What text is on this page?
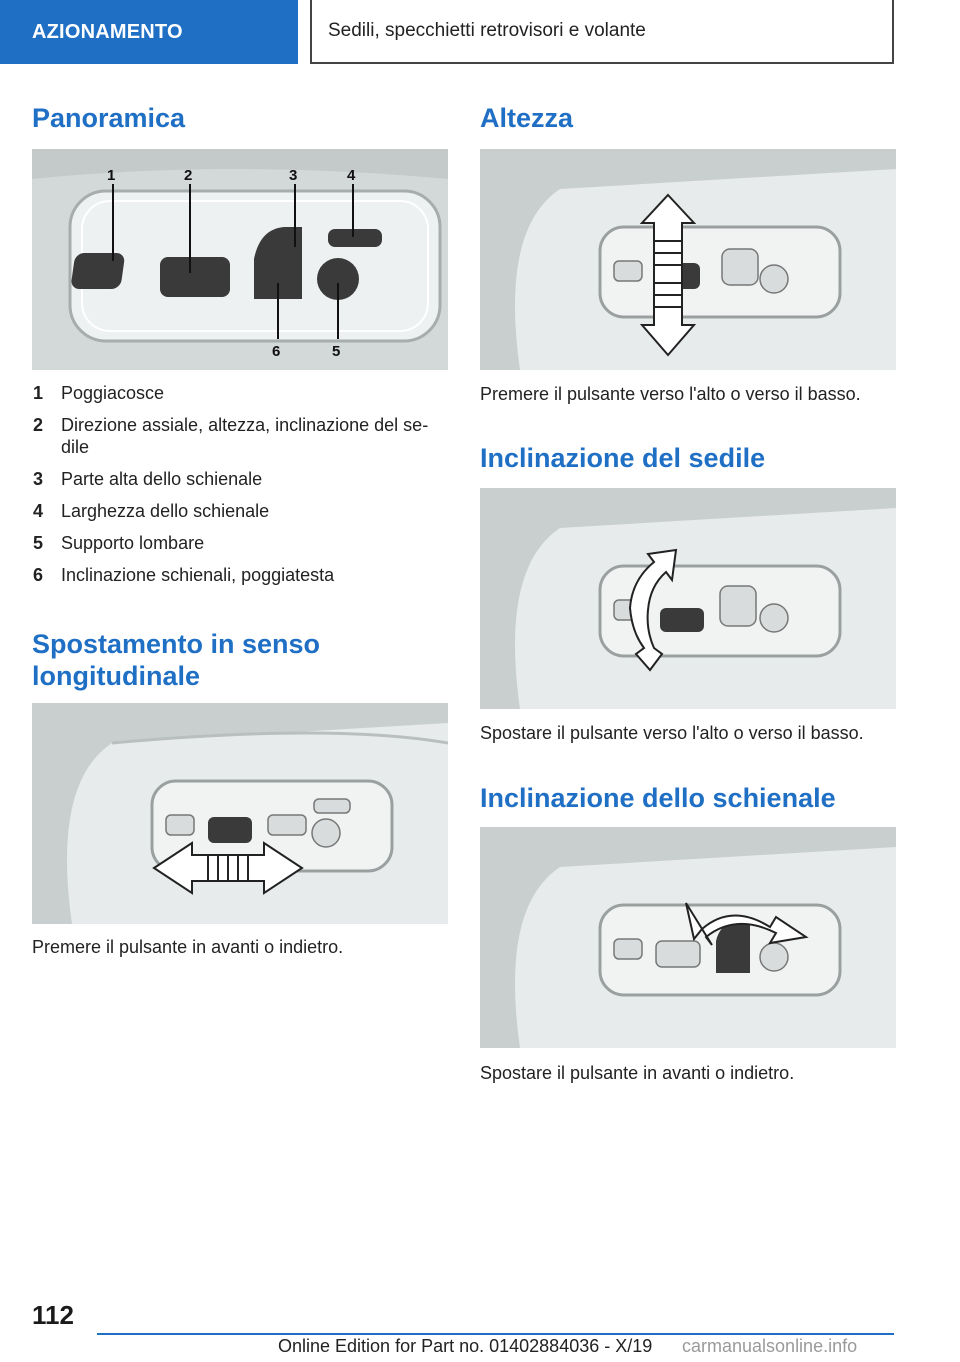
AZIONAMENTO	Sedili, specchietti retrovisori e volante
Panoramica
1	2	3	4
6	5
1 Poggiacosce
2 Direzione assiale, altezza, inclinazione del se-dile
3 Parte alta dello schienale
4 Larghezza dello schienale
5 Supporto lombare
6 Inclinazione schienali, poggiatesta
Spostamento in senso
longitudinale
Premere il pulsante in avanti o indietro.
Altezza
Premere il pulsante verso l'alto o verso il basso.
Inclinazione del sedile
Spostare il pulsante verso l'alto o verso il basso.
Inclinazione dello schienale
Spostare il pulsante in avanti o indietro.
112
Online Edition for Part no. 01402884036 - X/19 carmanualsonline.info
